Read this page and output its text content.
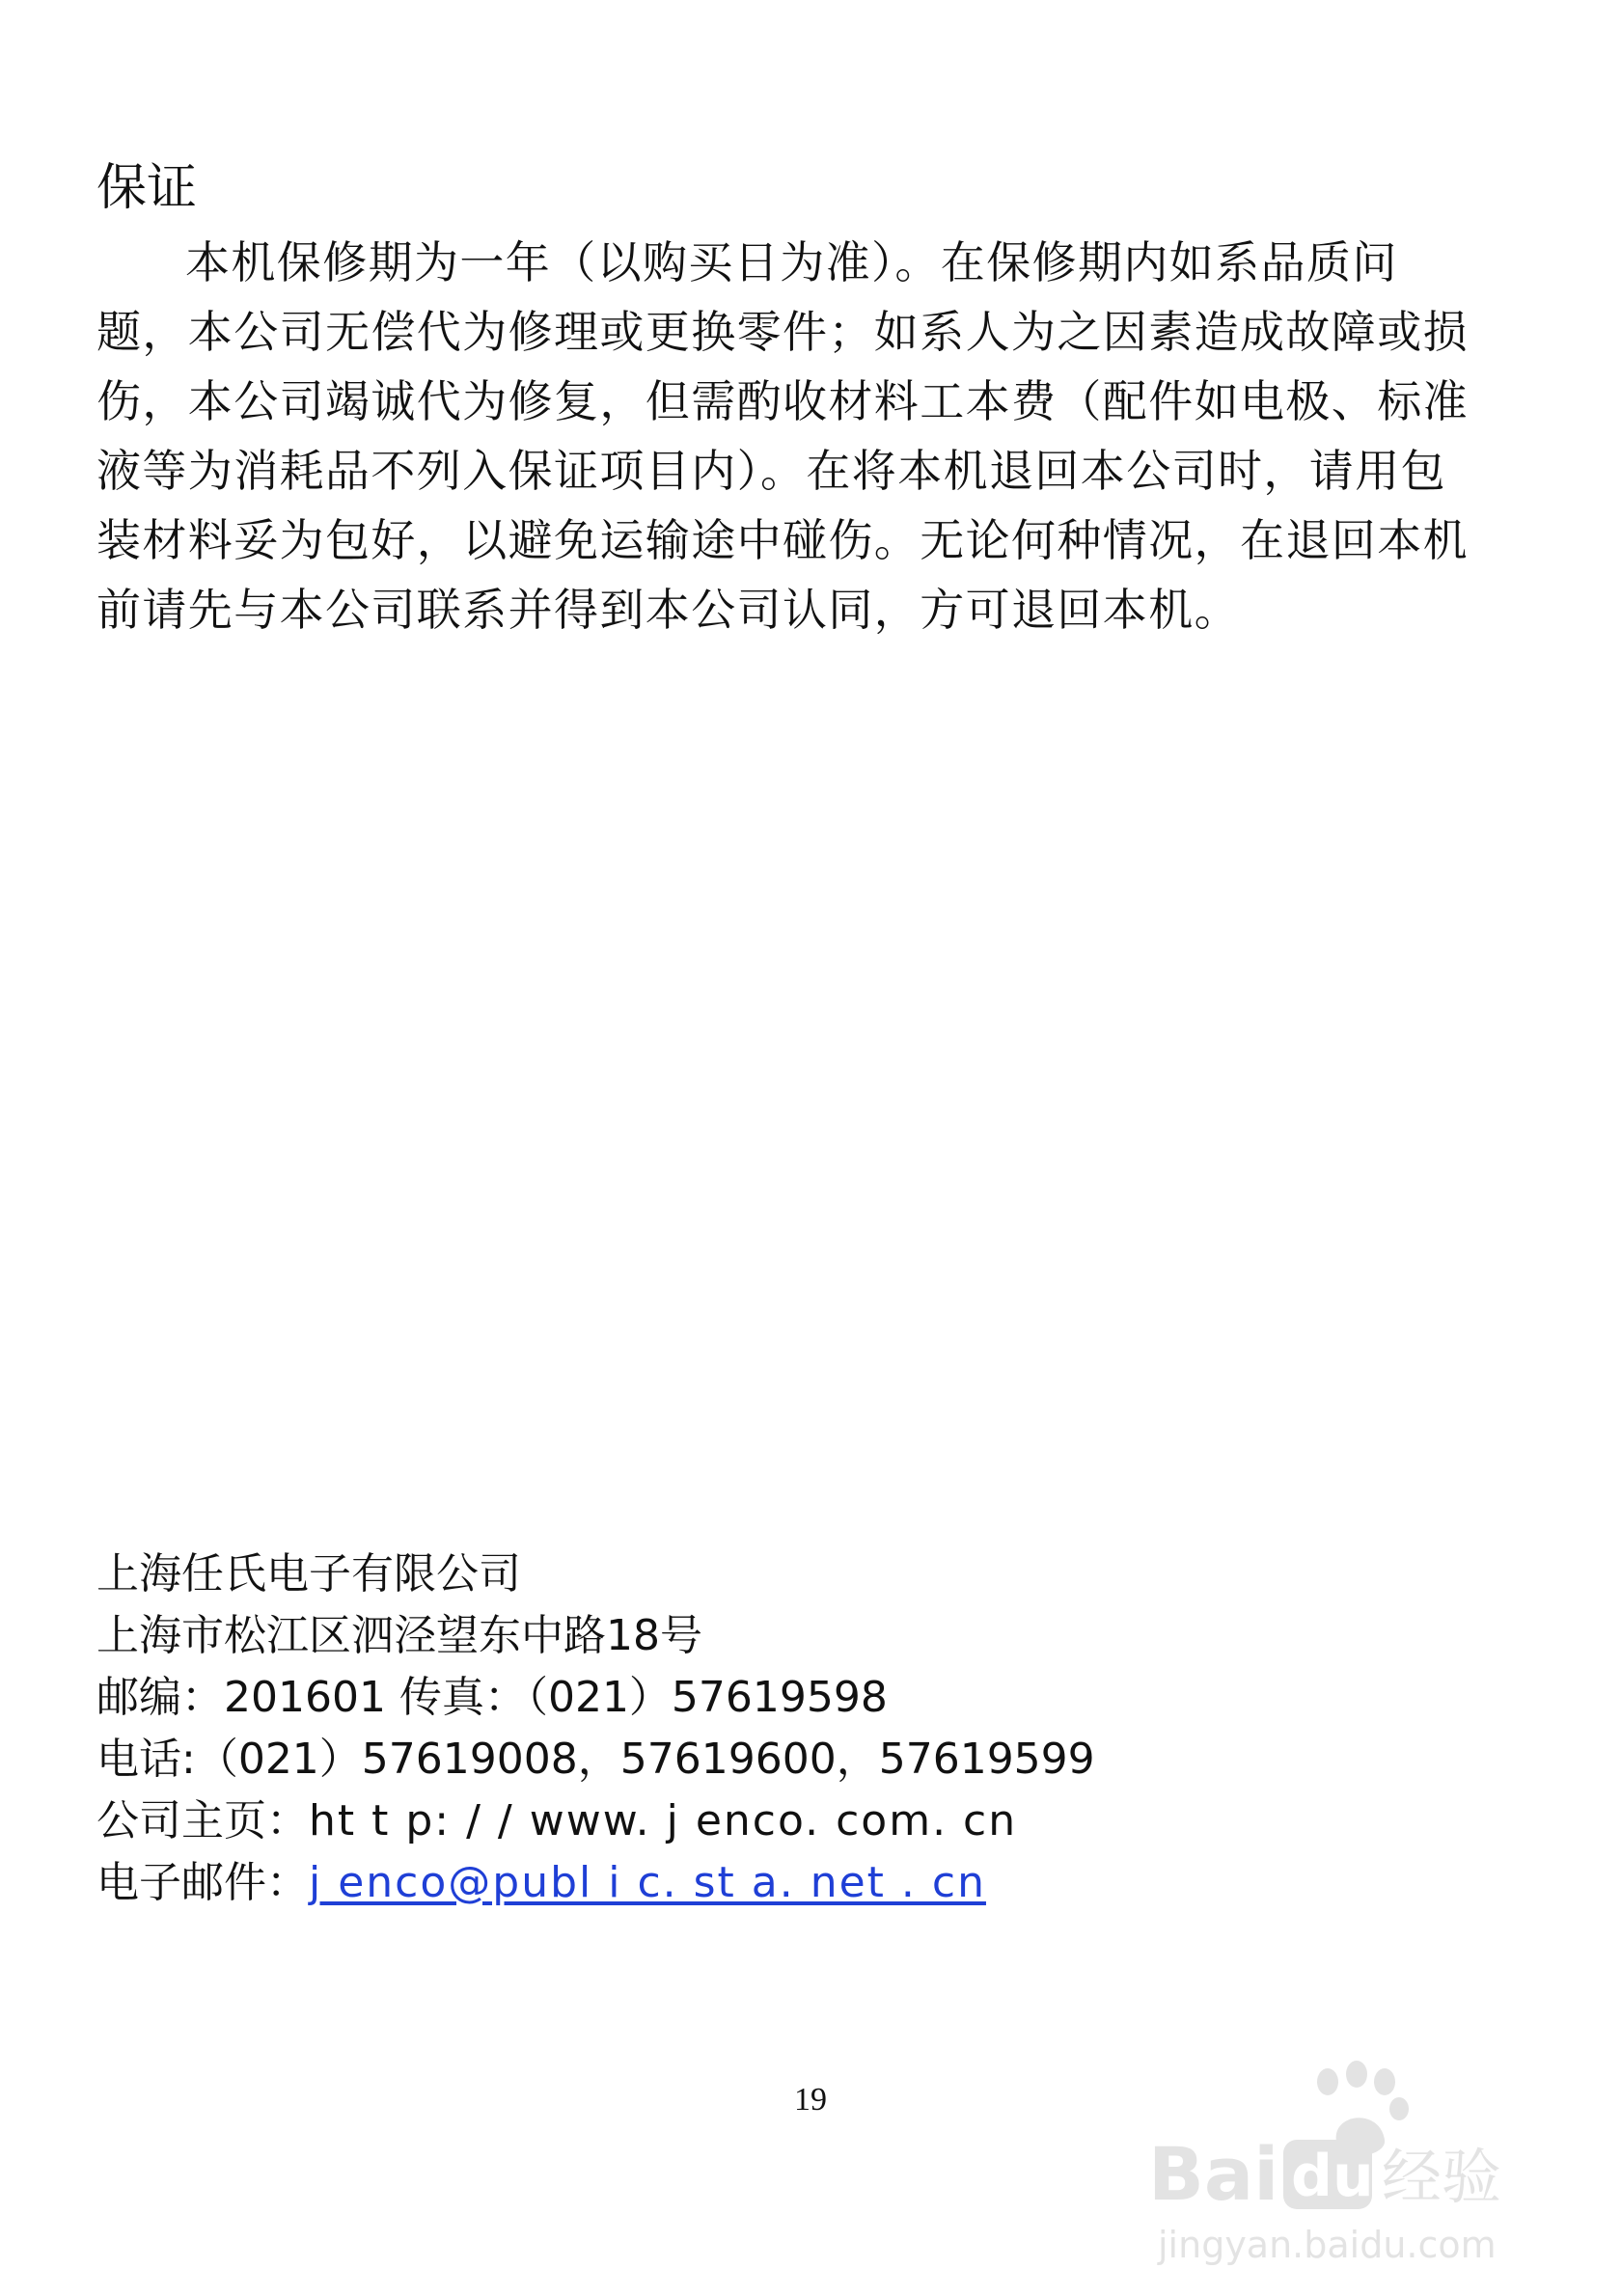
保证

本机保修期为一年（以购买日为准）。在保修期内如系品质问
题，本公司无偿代为修理或更换零件；如系人为之因素造成故障或损
伤，本公司竭诚代为修复，但需酌收材料工本费（配件如电极、标准
液等为消耗品不列入保证项目内）。在将本机退回本公司时，请用包
装材料妥为包好，以避免运输途中碰伤。无论何种情况，在退回本机
前请先与本公司联系并得到本公司认同，方可退回本机。

上海任氏电子有限公司
上海市松江区泗泾望东中路18号
邮编：201601 传真：（021）57619598
电话:（021）57619008，57619600，57619599
公司主页：ht t p: / / www. j enco. com. cn
电子邮件：j enco@publ i c. st a. net . cn
19
Bai du 经验
jingyan.baidu.com
